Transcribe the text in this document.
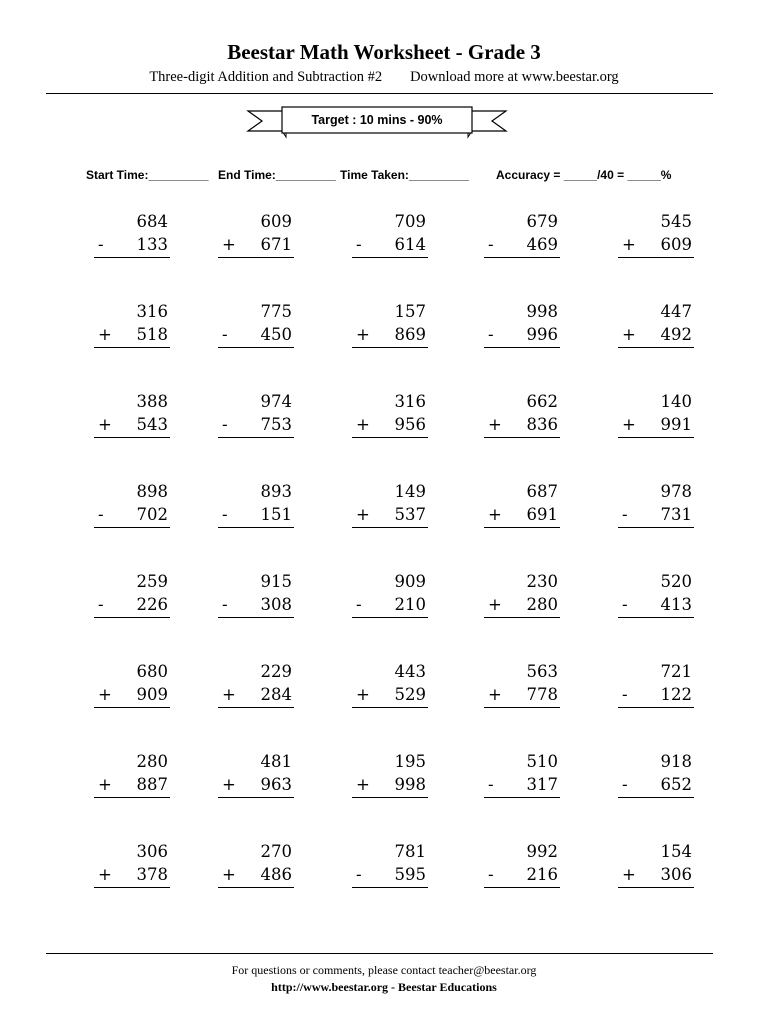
Beestar Math Worksheet - Grade 3
Three-digit Addition and Subtraction #2 Download more at www.beestar.org
Target : 10 mins - 90%
Start Time:_________ End Time:_________ Time Taken:_________ Accuracy = _____/40 = _____%
684
- 133
609
+ 671
709
- 614
679
- 469
545
+ 609
316
+ 518
775
- 450
157
+ 869
998
- 996
447
+ 492
388
+ 543
974
- 753
316
+ 956
662
+ 836
140
+ 991
898
- 702
893
- 151
149
+ 537
687
+ 691
978
- 731
259
- 226
915
- 308
909
- 210
230
+ 280
520
- 413
680
+ 909
229
+ 284
443
+ 529
563
+ 778
721
- 122
280
+ 887
481
+ 963
195
+ 998
510
- 317
918
- 652
306
+ 378
270
+ 486
781
- 595
992
- 216
154
+ 306
For questions or comments, please contact teacher@beestar.org
http://www.beestar.org - Beestar Educations
